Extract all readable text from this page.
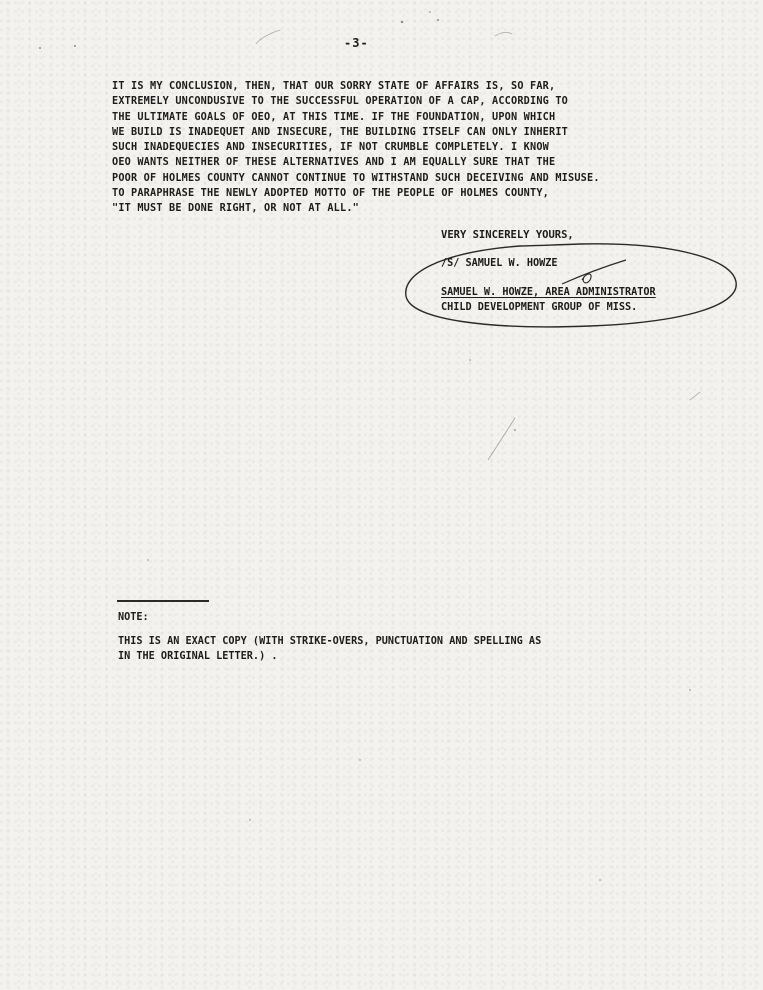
-3-
IT IS MY CONCLUSION, THEN, THAT OUR SORRY STATE OF AFFAIRS IS, SO FAR,
EXTREMELY UNCONDUSIVE TO THE SUCCESSFUL OPERATION OF A CAP, ACCORDING TO
THE ULTIMATE GOALS OF OEO, AT THIS TIME. IF THE FOUNDATION, UPON WHICH
WE BUILD IS INADEQUET AND INSECURE, THE BUILDING ITSELF CAN ONLY INHERIT
SUCH INADEQUECIES AND INSECURITIES, IF NOT CRUMBLE COMPLETELY. I KNOW
OEO WANTS NEITHER OF THESE ALTERNATIVES AND I AM EQUALLY SURE THAT THE
POOR OF HOLMES COUNTY CANNOT CONTINUE TO WITHSTAND SUCH DECEIVING AND MISUSE.
TO PARAPHRASE THE NEWLY ADOPTED MOTTO OF THE PEOPLE OF HOLMES COUNTY,
"IT MUST BE DONE RIGHT, OR NOT AT ALL."
VERY SINCERELY YOURS,
/S/ SAMUEL W. HOWZE
SAMUEL W. HOWZE, AREA ADMINISTRATOR
CHILD DEVELOPMENT GROUP OF MISS.
NOTE:
THIS IS AN EXACT COPY (WITH STRIKE-OVERS, PUNCTUATION AND SPELLING AS
IN THE ORIGINAL LETTER.) .
